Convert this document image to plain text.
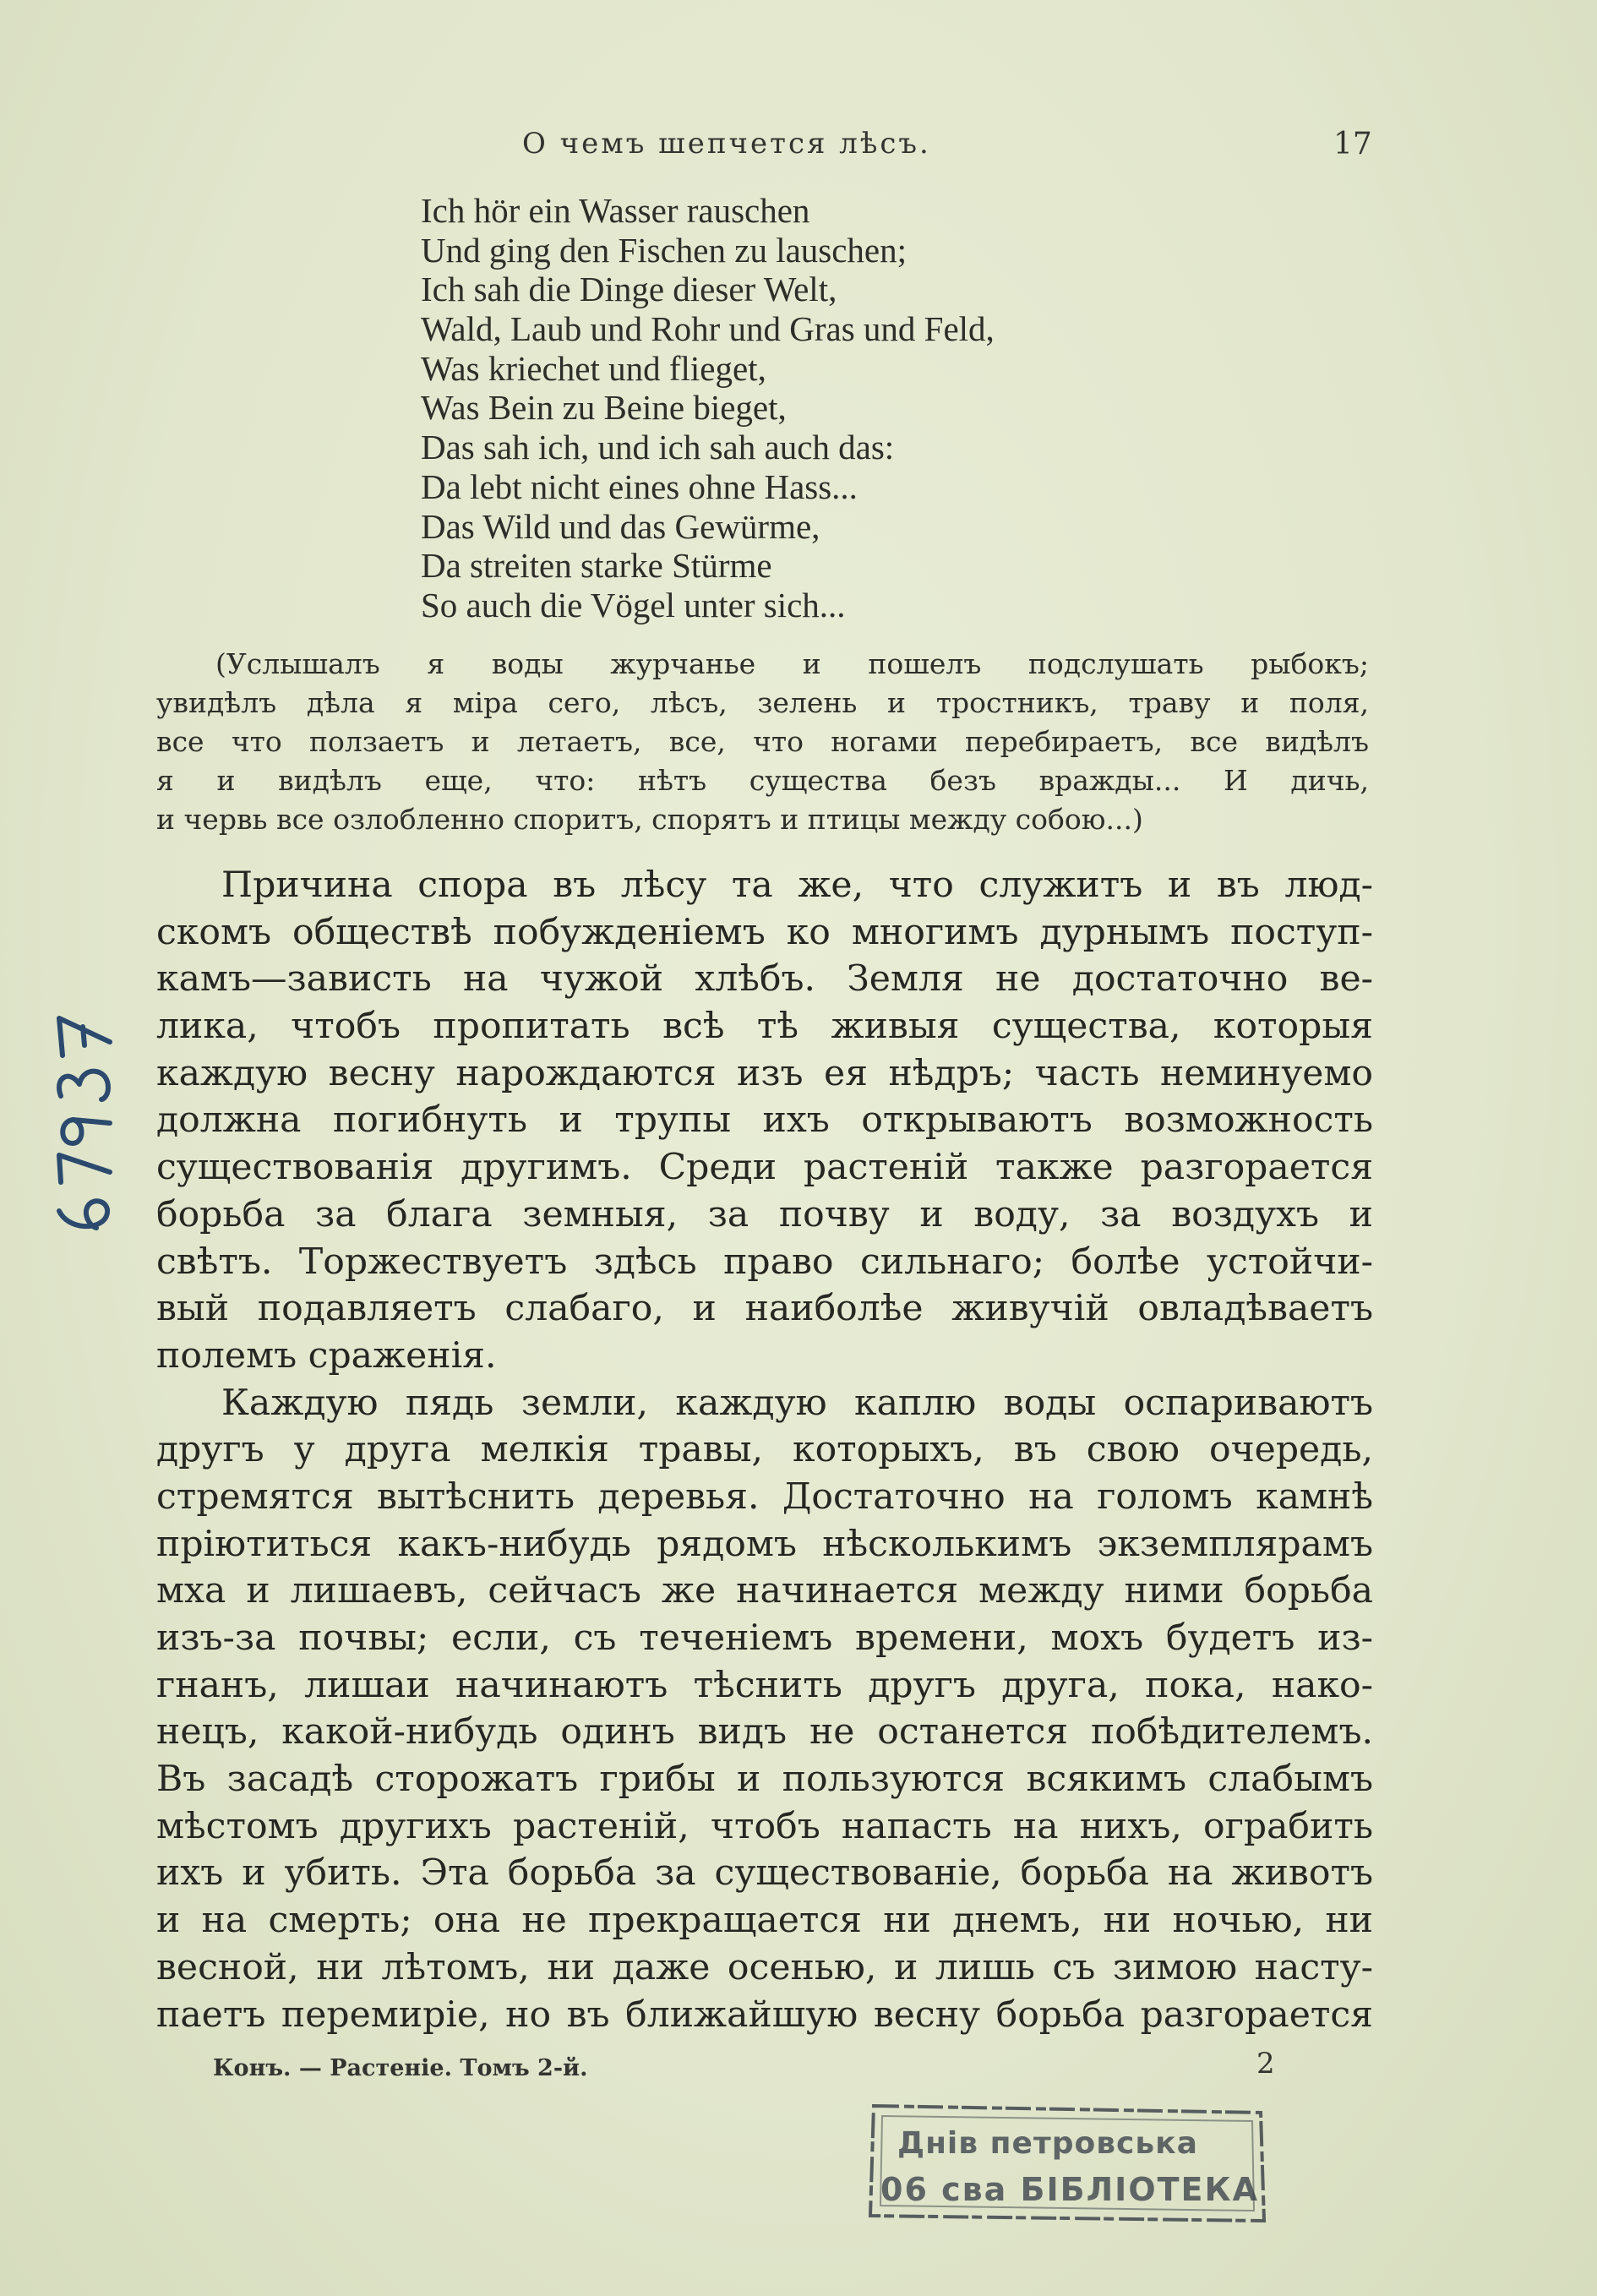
О чемъ шепчется лѣсъ.	17
Ich hör ein Wasser rauschen
Und ging den Fischen zu lauschen;
Ich sah die Dinge dieser Welt,
Wald, Laub und Rohr und Gras und Feld,
Was kriechet und flieget,
Was Bein zu Beine bieget,
Das sah ich, und ich sah auch das:
Da lebt nicht eines ohne Hass...
Das Wild und das Gewürme,
Da streiten starke Stürme
So auch die Vögel unter sich...
(Услышалъ я воды журчанье и пошелъ подслушать рыбокъ;
увидѣлъ дѣла я міра сего, лѣсъ, зелень и тростникъ, траву и поля,
все что ползаетъ и летаетъ, все, что ногами перебираетъ, все видѣлъ
я и видѣлъ еще, что: нѣтъ существа безъ вражды... И дичь,
и червь все озлобленно споритъ, спорятъ и птицы между собою...)
Причина спора въ лѣсу та же, что служитъ и въ люд-
скомъ обществѣ побужденіемъ ко многимъ дурнымъ поступ-
камъ—зависть на чужой хлѣбъ. Земля не достаточно ве-
лика, чтобъ пропитать всѣ тѣ живыя существа, которыя
каждую весну нарождаются изъ ея нѣдръ; часть неминуемо
должна погибнуть и трупы ихъ открываютъ возможность
существованія другимъ. Среди растеній также разгорается
борьба за блага земныя, за почву и воду, за воздухъ и
свѣтъ. Торжествуетъ здѣсь право сильнаго; болѣе устойчи-
вый подавляетъ слабаго, и наиболѣе живучій овладѣваетъ
полемъ сраженія.
Каждую пядь земли, каждую каплю воды оспариваютъ
другъ у друга мелкія травы, которыхъ, въ свою очередь,
стремятся вытѣснить деревья. Достаточно на голомъ камнѣ
пріютиться какъ-нибудь рядомъ нѣсколькимъ экземплярамъ
мха и лишаевъ, сейчасъ же начинается между ними борьба
изъ-за почвы; если, съ теченіемъ времени, мохъ будетъ из-
гнанъ, лишаи начинаютъ тѣснить другъ друга, пока, нако-
нецъ, какой-нибудь одинъ видъ не останется побѣдителемъ.
Въ засадѣ сторожатъ грибы и пользуются всякимъ слабымъ
мѣстомъ другихъ растеній, чтобъ напасть на нихъ, ограбить
ихъ и убить. Эта борьба за существованіе, борьба на животъ
и на смерть; она не прекращается ни днемъ, ни ночью, ни
весной, ни лѣтомъ, ни даже осенью, и лишь съ зимою насту-
паетъ перемиріе, но въ ближайшую весну борьба разгорается
Конъ. — Растеніе. Томъ 2-й.	2
Днів петровська
06 сва БІБЛІОТЕКА
